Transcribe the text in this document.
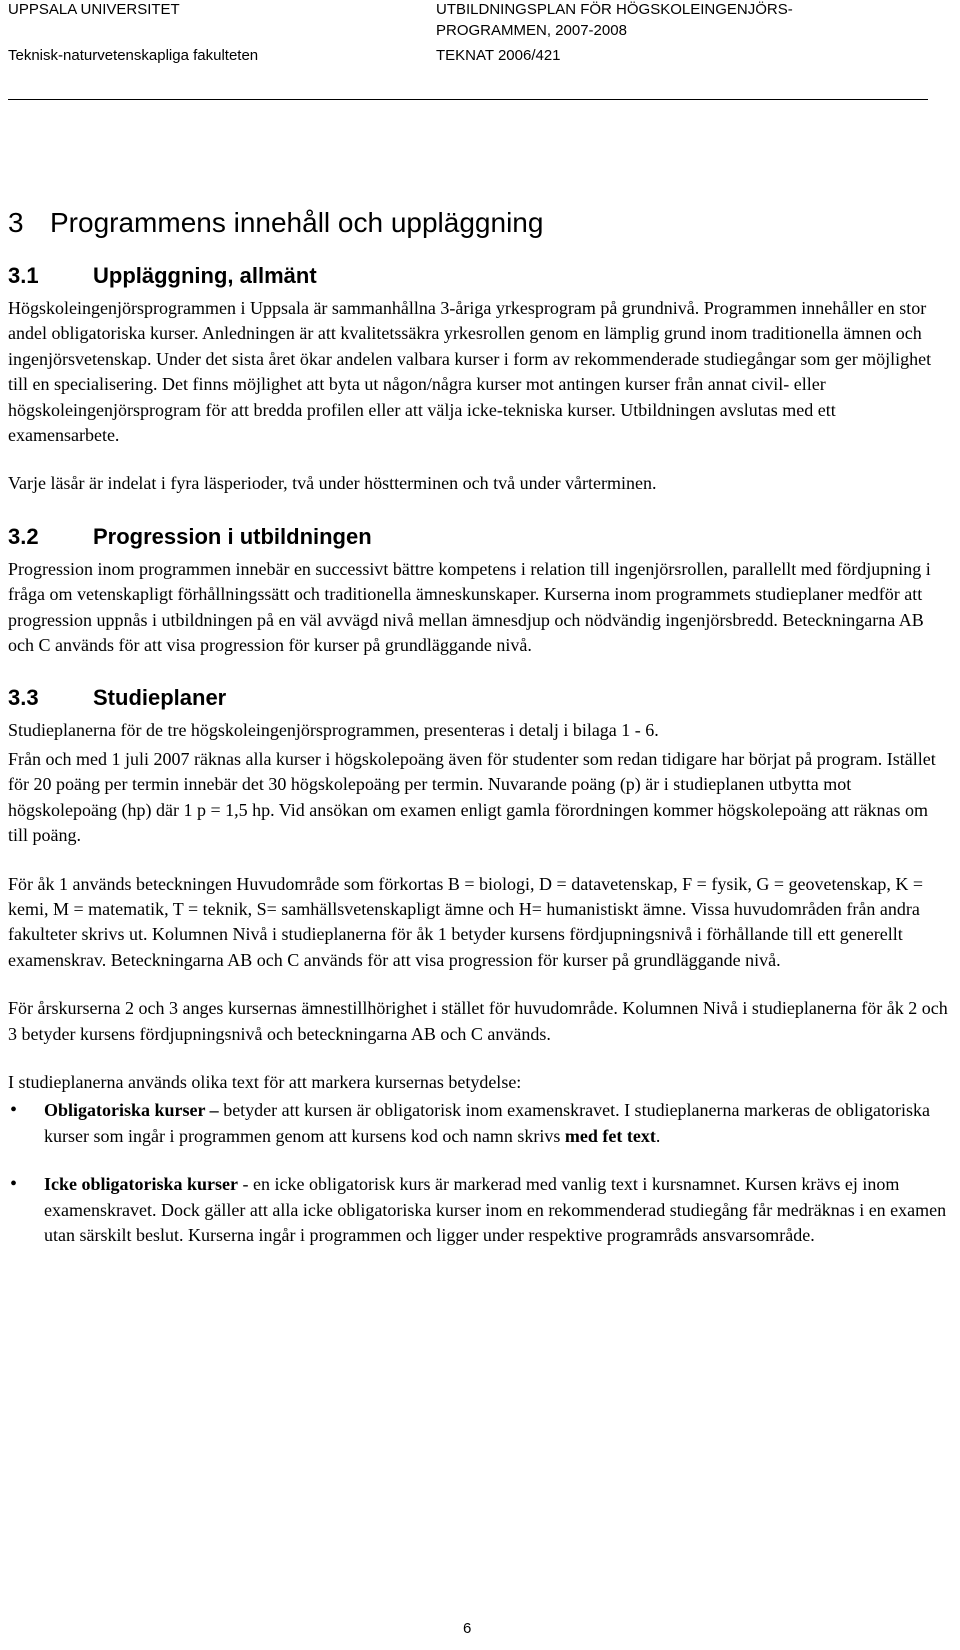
UPPSALA UNIVERSITET
Teknisk-naturvetenskapliga fakulteten
UTBILDNINGSPLAN FÖR HÖGSKOLEINGENJÖRS-
PROGRAMMEN, 2007-2008
TEKNAT 2006/421
3 Programmens innehåll och uppläggning
3.1 Uppläggning, allmänt

Högskoleingenjörsprogrammen i Uppsala är sammanhållna 3-åriga yrkesprogram på grundnivå. Programmen innehåller en stor andel obligatoriska kurser. Anledningen är att kvalitetssäkra yrkesrollen genom en lämplig grund inom traditionella ämnen och ingenjörsvetenskap. Under det sista året ökar andelen valbara kurser i form av rekommenderade studiegångar som ger möjlighet till en specialisering. Det finns möjlighet att byta ut någon/några kurser mot antingen kurser från annat civil- eller högskoleingenjörsprogram för att bredda profilen eller att välja icke-tekniska kurser. Utbildningen avslutas med ett examensarbete.

Varje läsår är indelat i fyra läsperioder, två under höstterminen och två under vårterminen.

3.2 Progression i utbildningen

Progression inom programmen innebär en successivt bättre kompetens i relation till ingenjörsrollen, parallellt med fördjupning i fråga om vetenskapligt förhållningssätt och traditionella ämneskunskaper. Kurserna inom programmets studieplaner medför att progression uppnås i utbildningen på en väl avvägd nivå mellan ämnesdjup och nödvändig ingenjörsbredd. Beteckningarna AB och C används för att visa progression för kurser på grundläggande nivå.

3.3 Studieplaner

Studieplanerna för de tre högskoleingenjörsprogrammen, presenteras i detalj i bilaga 1 - 6.

Från och med 1 juli 2007 räknas alla kurser i högskolepoäng även för studenter som redan tidigare har börjat på program. Istället för 20 poäng per termin innebär det 30 högskolepoäng per termin. Nuvarande poäng (p) är i studieplanen utbytta mot högskolepoäng (hp) där 1 p = 1,5 hp. Vid ansökan om examen enligt gamla förordningen kommer högskolepoäng att räknas om till poäng.

För åk 1 används beteckningen Huvudområde som förkortas B = biologi, D = datavetenskap, F = fysik, G = geovetenskap, K = kemi, M = matematik, T = teknik, S= samhällsvetenskapligt ämne och H= humanistiskt ämne. Vissa huvudområden från andra fakulteter skrivs ut. Kolumnen Nivå i studieplanerna för åk 1 betyder kursens fördjupningsnivå i förhållande till ett generellt examenskrav. Beteckningarna AB och C används för att visa progression för kurser på grundläggande nivå.

För årskurserna 2 och 3 anges kursernas ämnestillhörighet i stället för huvudområde. Kolumnen Nivå i studieplanerna för åk 2 och 3 betyder kursens fördjupningsnivå och beteckningarna AB och C används.

I studieplanerna används olika text för att markera kursernas betydelse:

• Obligatoriska kurser – betyder att kursen är obligatorisk inom examenskravet. I studieplanerna markeras de obligatoriska kurser som ingår i programmen genom att kursens kod och namn skrivs med fet text.
• Icke obligatoriska kurser - en icke obligatorisk kurs är markerad med vanlig text i kursnamnet. Kursen krävs ej inom examenskravet. Dock gäller att alla icke obligatoriska kurser inom en rekommenderad studiegång får medräknas i en examen utan särskilt beslut. Kurserna ingår i programmen och ligger under respektive programråds ansvarsområde.
6
